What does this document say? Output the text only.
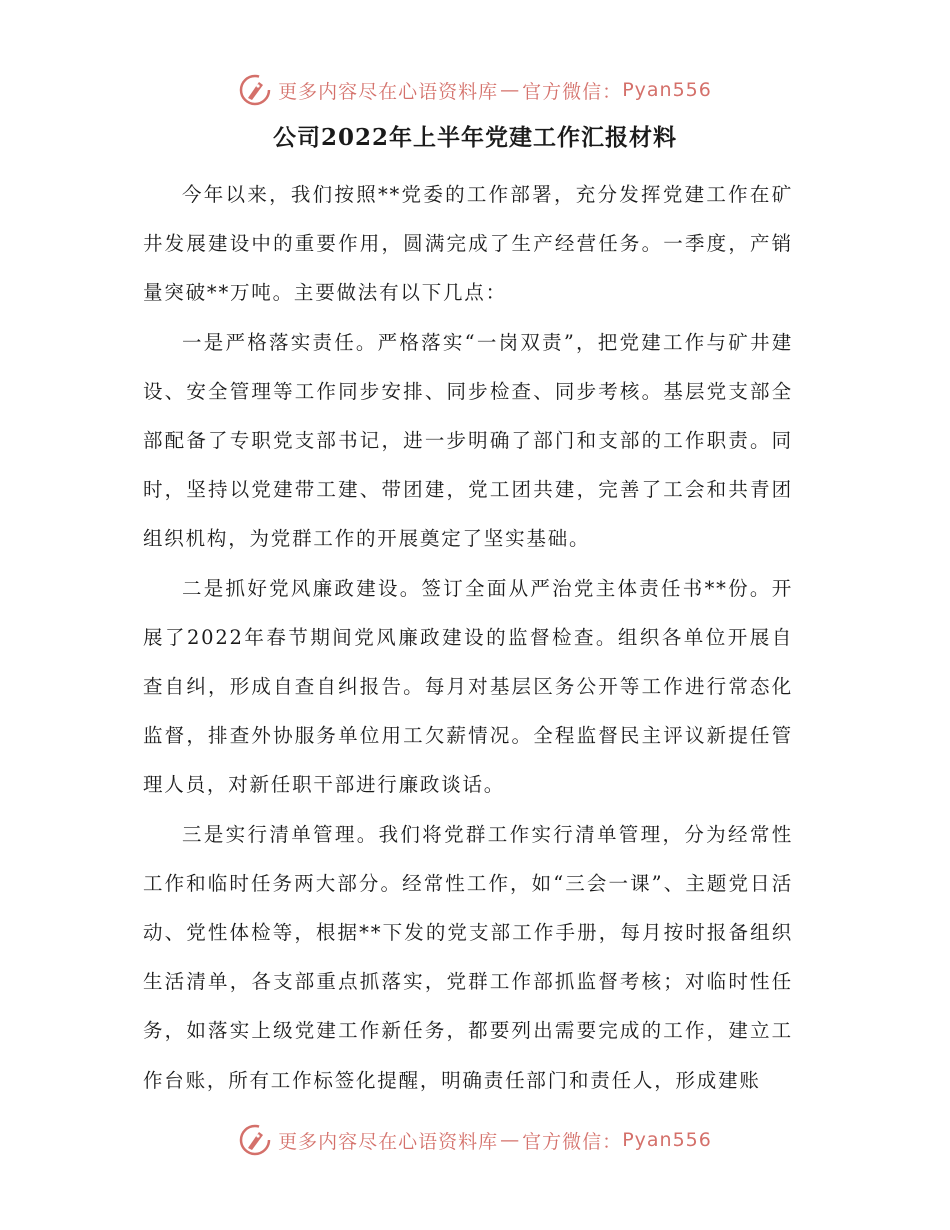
更多内容尽在心语资料库 — 官方微信： Pyan556
公司2022年上半年党建工作汇报材料

今年以来，我们按照**党委的工作部署，充分发挥党建工作在矿井发展建设中的重要作用，圆满完成了生产经营任务。一季度，产销量突破**万吨。主要做法有以下几点：

一是严格落实责任。严格落实“一岗双责”，把党建工作与矿井建设、安全管理等工作同步安排、同步检查、同步考核。基层党支部全部配备了专职党支部书记，进一步明确了部门和支部的工作职责。同时，坚持以党建带工建、带团建，党工团共建，完善了工会和共青团组织机构，为党群工作的开展奠定了坚实基础。

二是抓好党风廉政建设。签订全面从严治党主体责任书**份。开展了2022年春节期间党风廉政建设的监督检查。组织各单位开展自查自纠，形成自查自纠报告。每月对基层区务公开等工作进行常态化监督，排查外协服务单位用工欠薪情况。全程监督民主评议新提任管理人员，对新任职干部进行廉政谈话。

三是实行清单管理。我们将党群工作实行清单管理，分为经常性工作和临时任务两大部分。经常性工作，如“三会一课”、主题党日活动、党性体检等，根据**下发的党支部工作手册，每月按时报备组织生活清单，各支部重点抓落实，党群工作部抓监督考核；对临时性任务，如落实上级党建工作新任务，都要列出需要完成的工作，建立工作台账，所有工作标签化提醒，明确责任部门和责任人，形成建账

更多内容尽在心语资料库 — 官方微信： Pyan556
